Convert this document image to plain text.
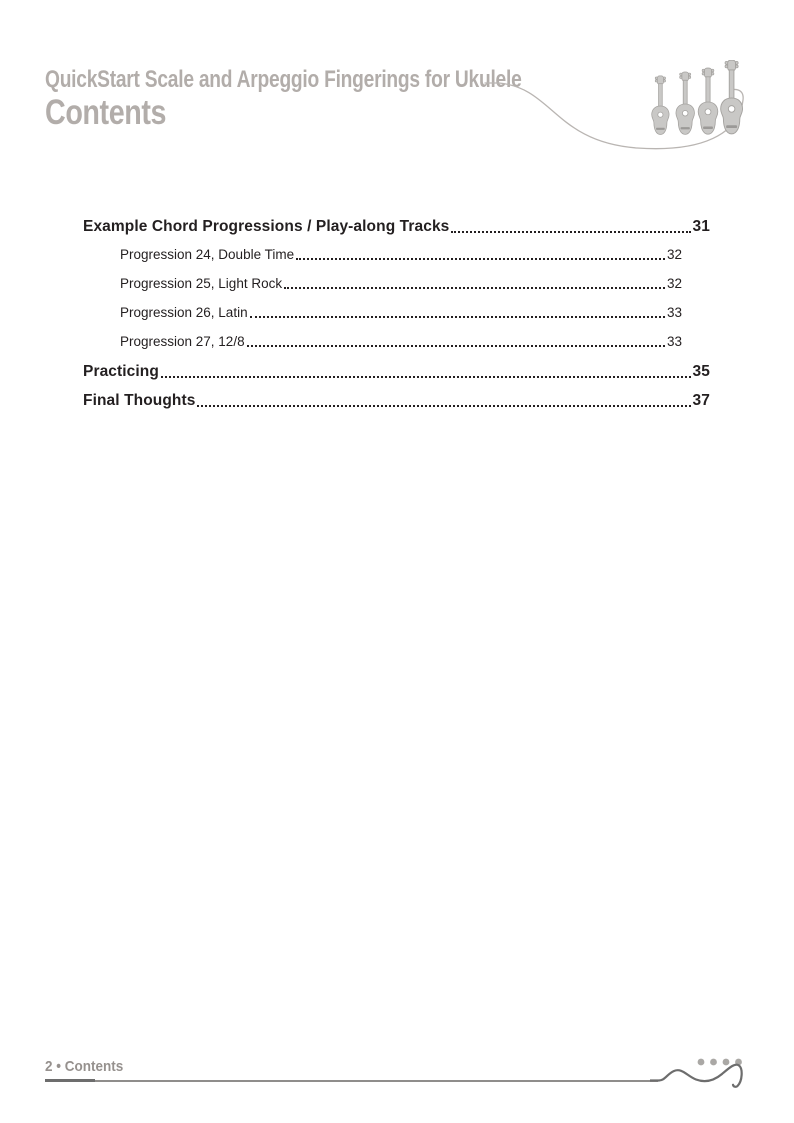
QuickStart Scale and Arpeggio Fingerings for Ukulele
Contents
Example Chord Progressions / Play-along Tracks	31
Progression 24, Double Time	32
Progression 25, Light Rock	32
Progression 26, Latin	33
Progression 27, 12/8	33
Practicing	35
Final Thoughts	37
2 • Contents
